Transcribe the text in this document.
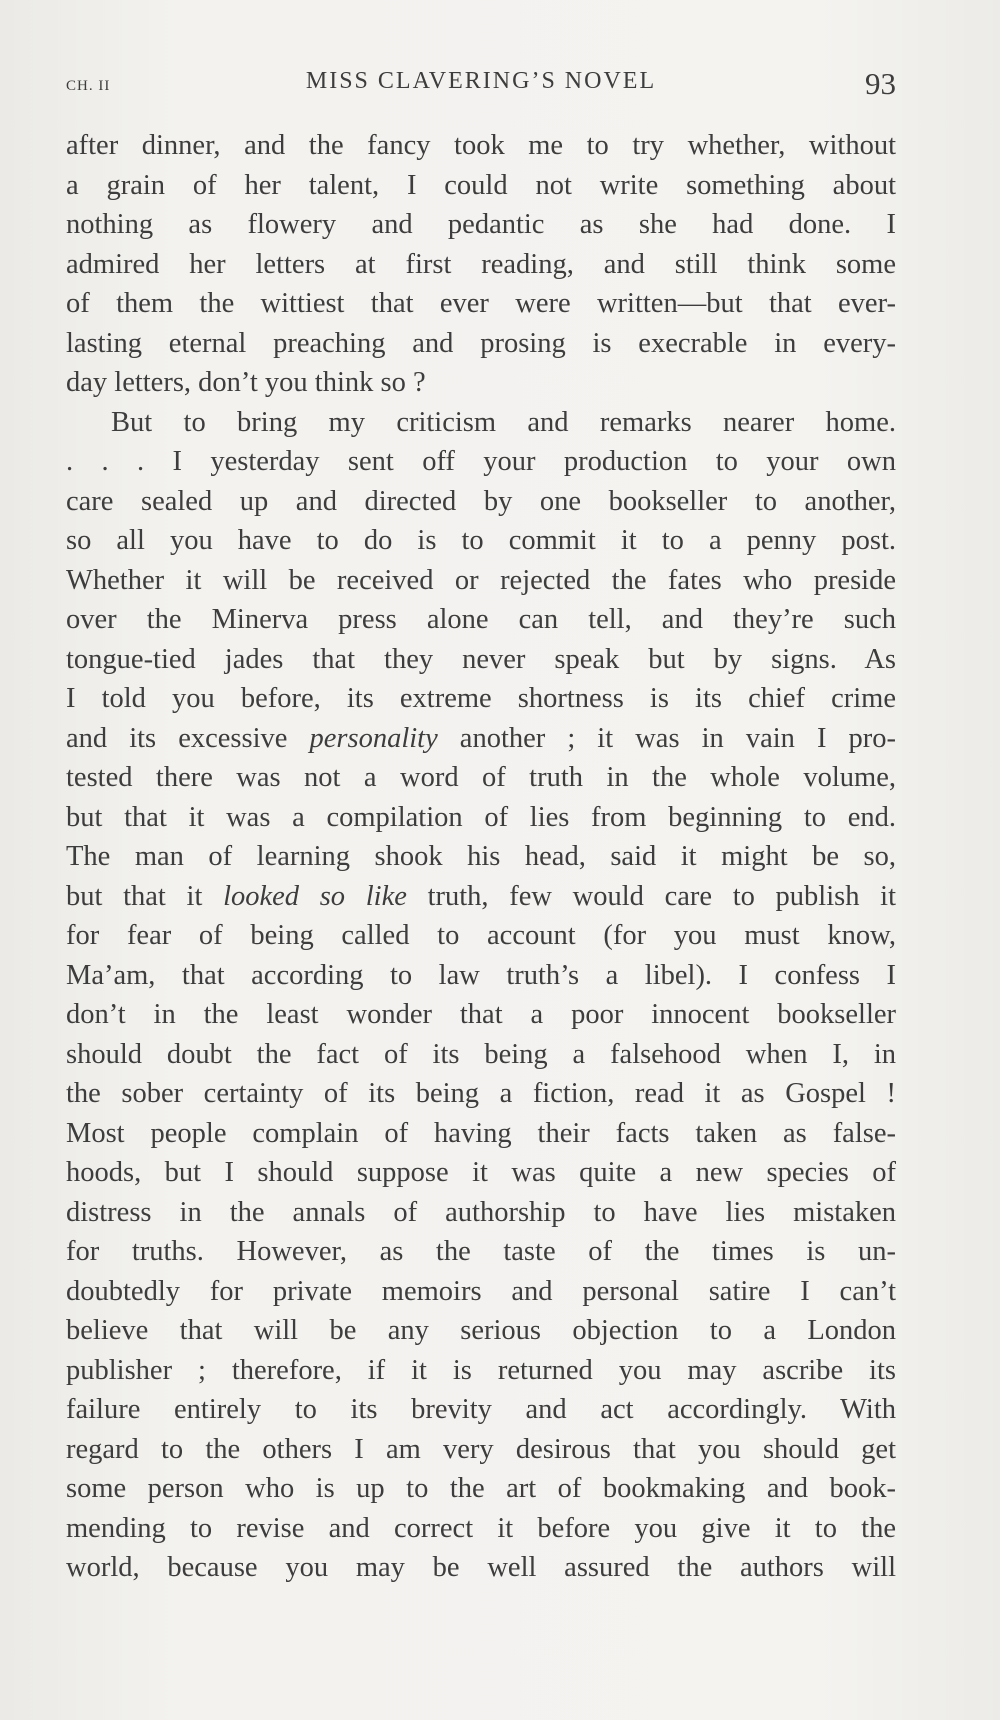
CH. II	MISS CLAVERING’S NOVEL	93
after dinner, and the fancy took me to try whether, without
a grain of her talent, I could not write something about
nothing as flowery and pedantic as she had done. I
admired her letters at first reading, and still think some
of them the wittiest that ever were written—but that ever-
lasting eternal preaching and prosing is execrable in every-
day letters, don’t you think so ?
But to bring my criticism and remarks nearer home.
. . . I yesterday sent off your production to your own
care sealed up and directed by one bookseller to another,
so all you have to do is to commit it to a penny post.
Whether it will be received or rejected the fates who preside
over the Minerva press alone can tell, and they’re such
tongue-tied jades that they never speak but by signs. As
I told you before, its extreme shortness is its chief crime
and its excessive personality another ; it was in vain I pro-
tested there was not a word of truth in the whole volume,
but that it was a compilation of lies from beginning to end.
The man of learning shook his head, said it might be so,
but that it looked so like truth, few would care to publish it
for fear of being called to account (for you must know,
Ma’am, that according to law truth’s a libel). I confess I
don’t in the least wonder that a poor innocent bookseller
should doubt the fact of its being a falsehood when I, in
the sober certainty of its being a fiction, read it as Gospel !
Most people complain of having their facts taken as false-
hoods, but I should suppose it was quite a new species of
distress in the annals of authorship to have lies mistaken
for truths. However, as the taste of the times is un-
doubtedly for private memoirs and personal satire I can’t
believe that will be any serious objection to a London
publisher ; therefore, if it is returned you may ascribe its
failure entirely to its brevity and act accordingly. With
regard to the others I am very desirous that you should get
some person who is up to the art of bookmaking and book-
mending to revise and correct it before you give it to the
world, because you may be well assured the authors will
